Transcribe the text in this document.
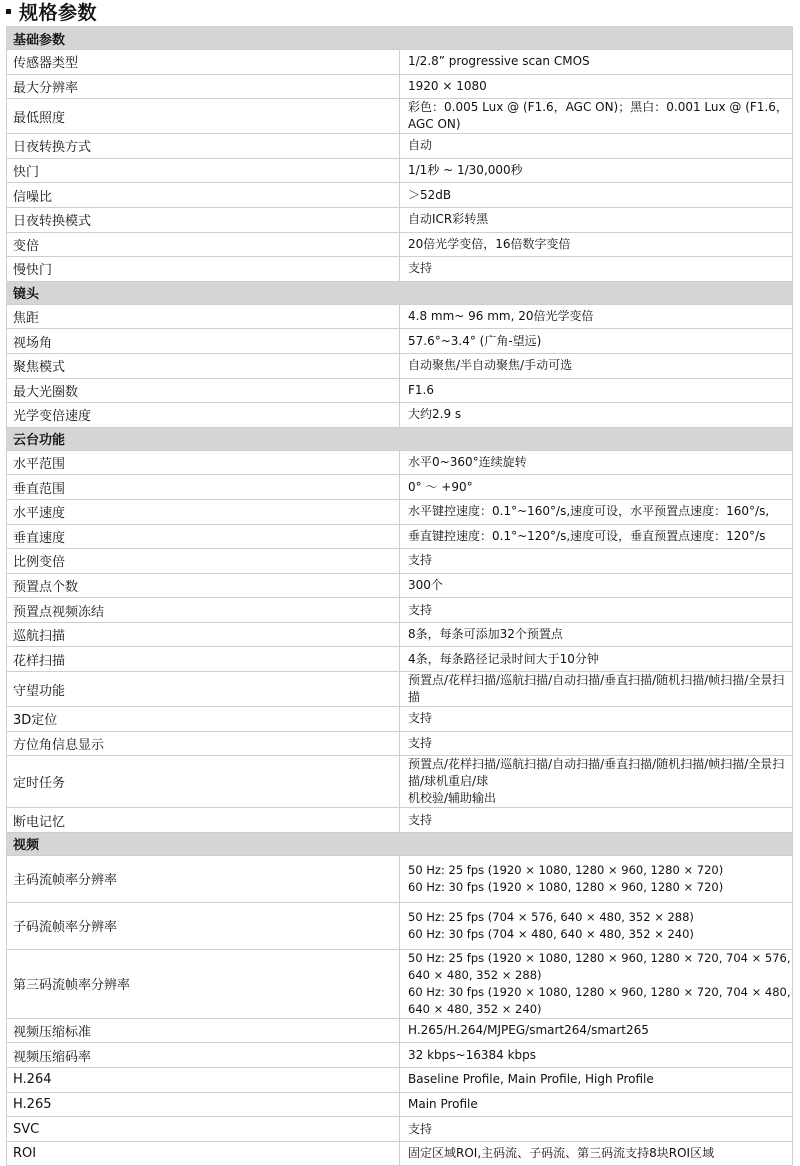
规格参数
基础参数	
传感器类型	1/2.8” progressive scan CMOS

最大分辨率	1920 × 1080

最低照度	彩色：0.005 Lux @ (F1.6，AGC ON)；黑白：0.001 Lux @ (F1.6，AGC ON)

日夜转换方式	自动

快门	1/1秒 ~ 1/30,000秒

信噪比	＞52dB

日夜转换模式	自动ICR彩转黑

变倍	20倍光学变倍，16倍数字变倍

慢快门	支持

镜头	
焦距	4.8 mm~ 96 mm, 20倍光学变倍

视场角	57.6°~3.4° (广角-望远)

聚焦模式	自动聚焦/半自动聚焦/手动可选

最大光圈数	F1.6

光学变倍速度	大约2.9 s

云台功能	
水平范围	水平0~360°连续旋转

垂直范围	0° ～ +90°

水平速度	水平键控速度：0.1°~160°/s,速度可设，水平预置点速度：160°/s,

垂直速度	垂直键控速度：0.1°~120°/s,速度可设，垂直预置点速度：120°/s

比例变倍	支持

预置点个数	300个

预置点视频冻结	支持

巡航扫描	8条，每条可添加32个预置点

花样扫描	4条，每条路径记录时间大于10分钟

守望功能	预置点/花样扫描/巡航扫描/自动扫描/垂直扫描/随机扫描/帧扫描/全景扫描

3D定位	支持

方位角信息显示	支持

定时任务	预置点/花样扫描/巡航扫描/自动扫描/垂直扫描/随机扫描/帧扫描/全景扫描/球机重启/球
机校验/辅助输出

断电记忆	支持

视频	
主码流帧率分辨率	50 Hz: 25 fps (1920 × 1080, 1280 × 960, 1280 × 720)
60 Hz: 30 fps (1920 × 1080, 1280 × 960, 1280 × 720)

子码流帧率分辨率	50 Hz: 25 fps (704 × 576, 640 × 480, 352 × 288)
60 Hz: 30 fps (704 × 480, 640 × 480, 352 × 240)

第三码流帧率分辨率	50 Hz: 25 fps (1920 × 1080, 1280 × 960, 1280 × 720, 704 × 576, 640 × 480, 352 × 288)
60 Hz: 30 fps (1920 × 1080, 1280 × 960, 1280 × 720, 704 × 480, 640 × 480, 352 × 240)

视频压缩标准	H.265/H.264/MJPEG/smart264/smart265

视频压缩码率	32 kbps~16384 kbps

H.264	Baseline Profile, Main Profile, High Profile

H.265	Main Profile

SVC	支持

ROI	固定区域ROI,主码流、子码流、第三码流支持8块ROI区域
